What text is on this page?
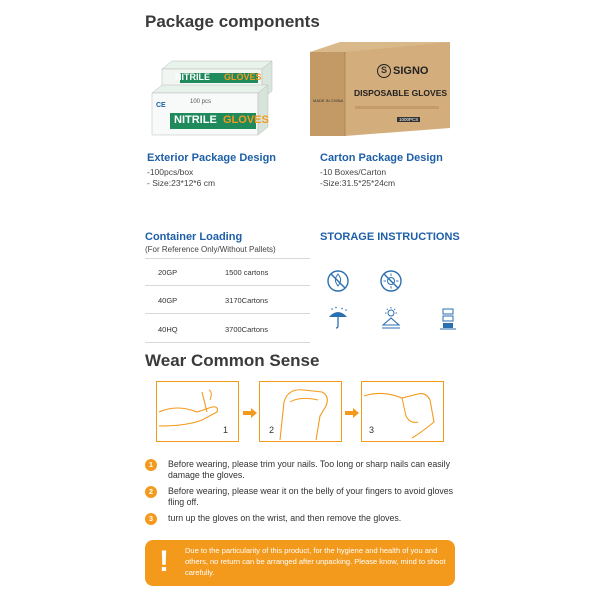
Package components
CE
NITRILE GLOVES
100 pcs
NITRILE GLOVES
S SIGNO
DISPOSABLE GLOVES
1000PCS
MADE IN CHINA
Exterior Package Design
-100pcs/box
- Size:23*12*6 cm
Carton Package Design
-10 Boxes/Carton
-Size:31.5*25*24cm
Container Loading
(For Reference Only/Without Pallets)
20GP	1500 cartons
40GP	3170Cartons
40HQ	3700Cartons
STORAGE INSTRUCTIONS
Wear Common Sense
1	2	3
1	Before wearing, please trim your nails. Too long or sharp nails can easily damage the gloves.
2	Before wearing, please wear it on the belly of your fingers to avoid gloves fling off.
3	turn up the gloves on the wrist, and then remove the gloves.
! Due to the particularity of this product, for the hygiene and health of you and others, no return can be arranged after unpacking. Please know, mind to shoot carefully.
